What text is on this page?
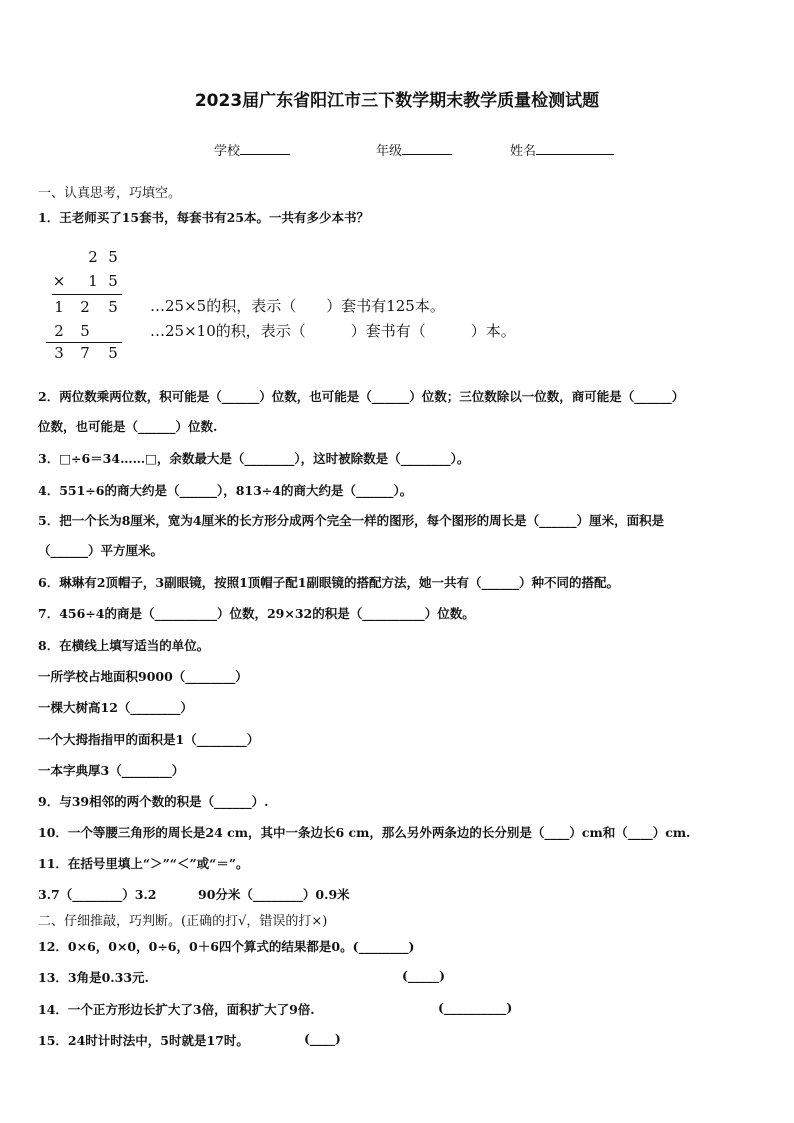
2023届广东省阳江市三下数学期末教学质量检测试题
学校	年级	姓名
一、认真思考，巧填空。
1．王老师买了15套书，每套书有25本。一共有多少本书？
2 5
× 1 5
1 2 5
2 5
3 7 5
…25×5的积，表示（　　）套书有125本。
…25×10的积，表示（　　　）套书有（　　　）本。
2．两位数乘两位数，积可能是（______）位数，也可能是（______）位数；三位数除以一位数，商可能是（______）
位数，也可能是（______）位数.
3．□÷6＝34……□，余数最大是（________），这时被除数是（________）。
4．551÷6的商大约是（______），813÷4的商大约是（______）。
5．把一个长为8厘米，宽为4厘米的长方形分成两个完全一样的图形，每个图形的周长是（______）厘米，面积是
（______）平方厘米。
6．琳琳有2顶帽子，3副眼镜，按照1顶帽子配1副眼镜的搭配方法，她一共有（______）种不同的搭配。
7．456÷4的商是（__________）位数，29×32的积是（__________）位数。
8．在横线上填写适当的单位。
一所学校占地面积9000（________）
一棵大树高12（________）
一个大拇指指甲的面积是1（________）
一本字典厚3（________）
9．与39相邻的两个数的积是（______）.
10．一个等腰三角形的周长是24 cm，其中一条边长6 cm，那么另外两条边的长分别是（____）cm和（____）cm.
11．在括号里填上“＞”“＜”或“＝”。
3.7（________）3.2	90分米（________）0.9米
二、仔细推敲，巧判断。(正确的打√，错误的打×)
12．0×6，0×0，0÷6，0＋6四个算式的结果都是0。(________)
13．3角是0.33元.	(_____)
14．一个正方形边长扩大了3倍，面积扩大了9倍.	(__________)
15．24时计时法中，5时就是17时。	(____)
